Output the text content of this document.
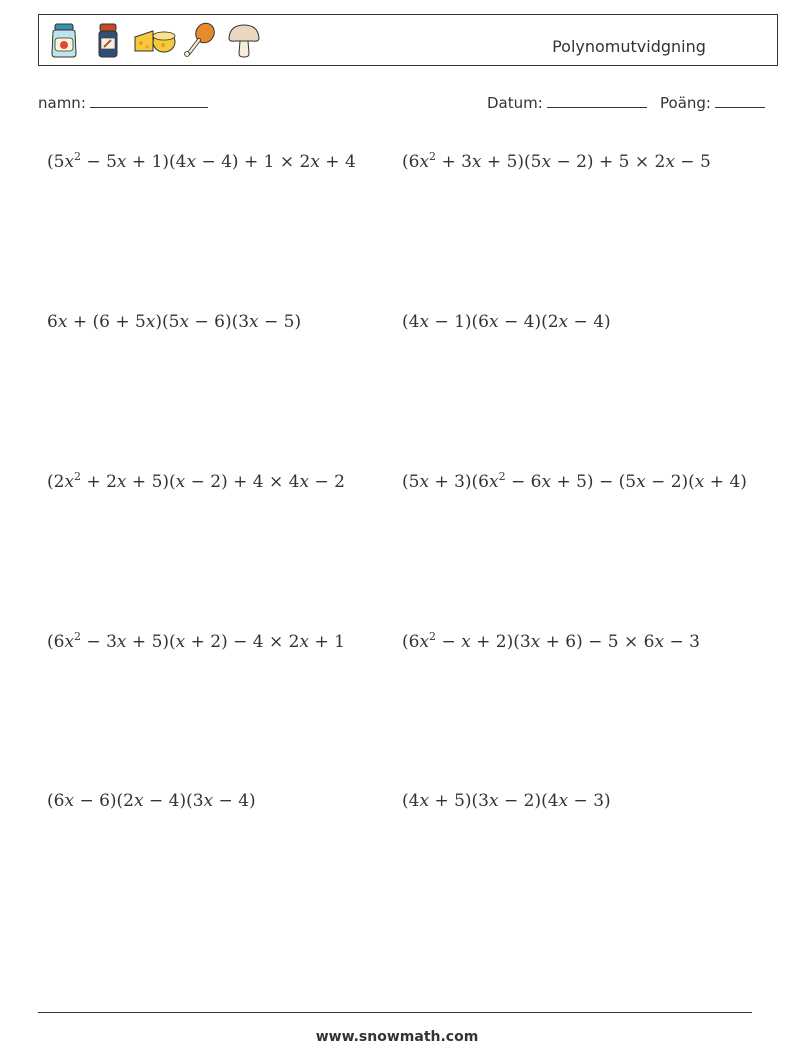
Polynomutvidgning
namn:	Datum:	Poäng:
$(5x^2 - 5x + 1)(4x - 4) + 1 \times 2x + 4$	$(6x^2 + 3x + 5)(5x - 2) + 5 \times 2x - 5$
6x + (6 + 5x)(5x − 6)(3x − 5)	(4x − 1)(6x − 4)(2x − 4)
$(2x^2 + 2x + 5)(x - 2) + 4 \times 4x - 2$	$(5x + 3)(6x^2 - 6x + 5) - (5x - 2)(x + 4)$
$(6x^2 - 3x + 5)(x + 2) - 4 \times 2x + 1$	$(6x^2 - x + 2)(3x + 6) - 5 \times 6x - 3$
(6x − 6)(2x − 4)(3x − 4)	(4x + 5)(3x − 2)(4x − 3)
www.snowmath.com
